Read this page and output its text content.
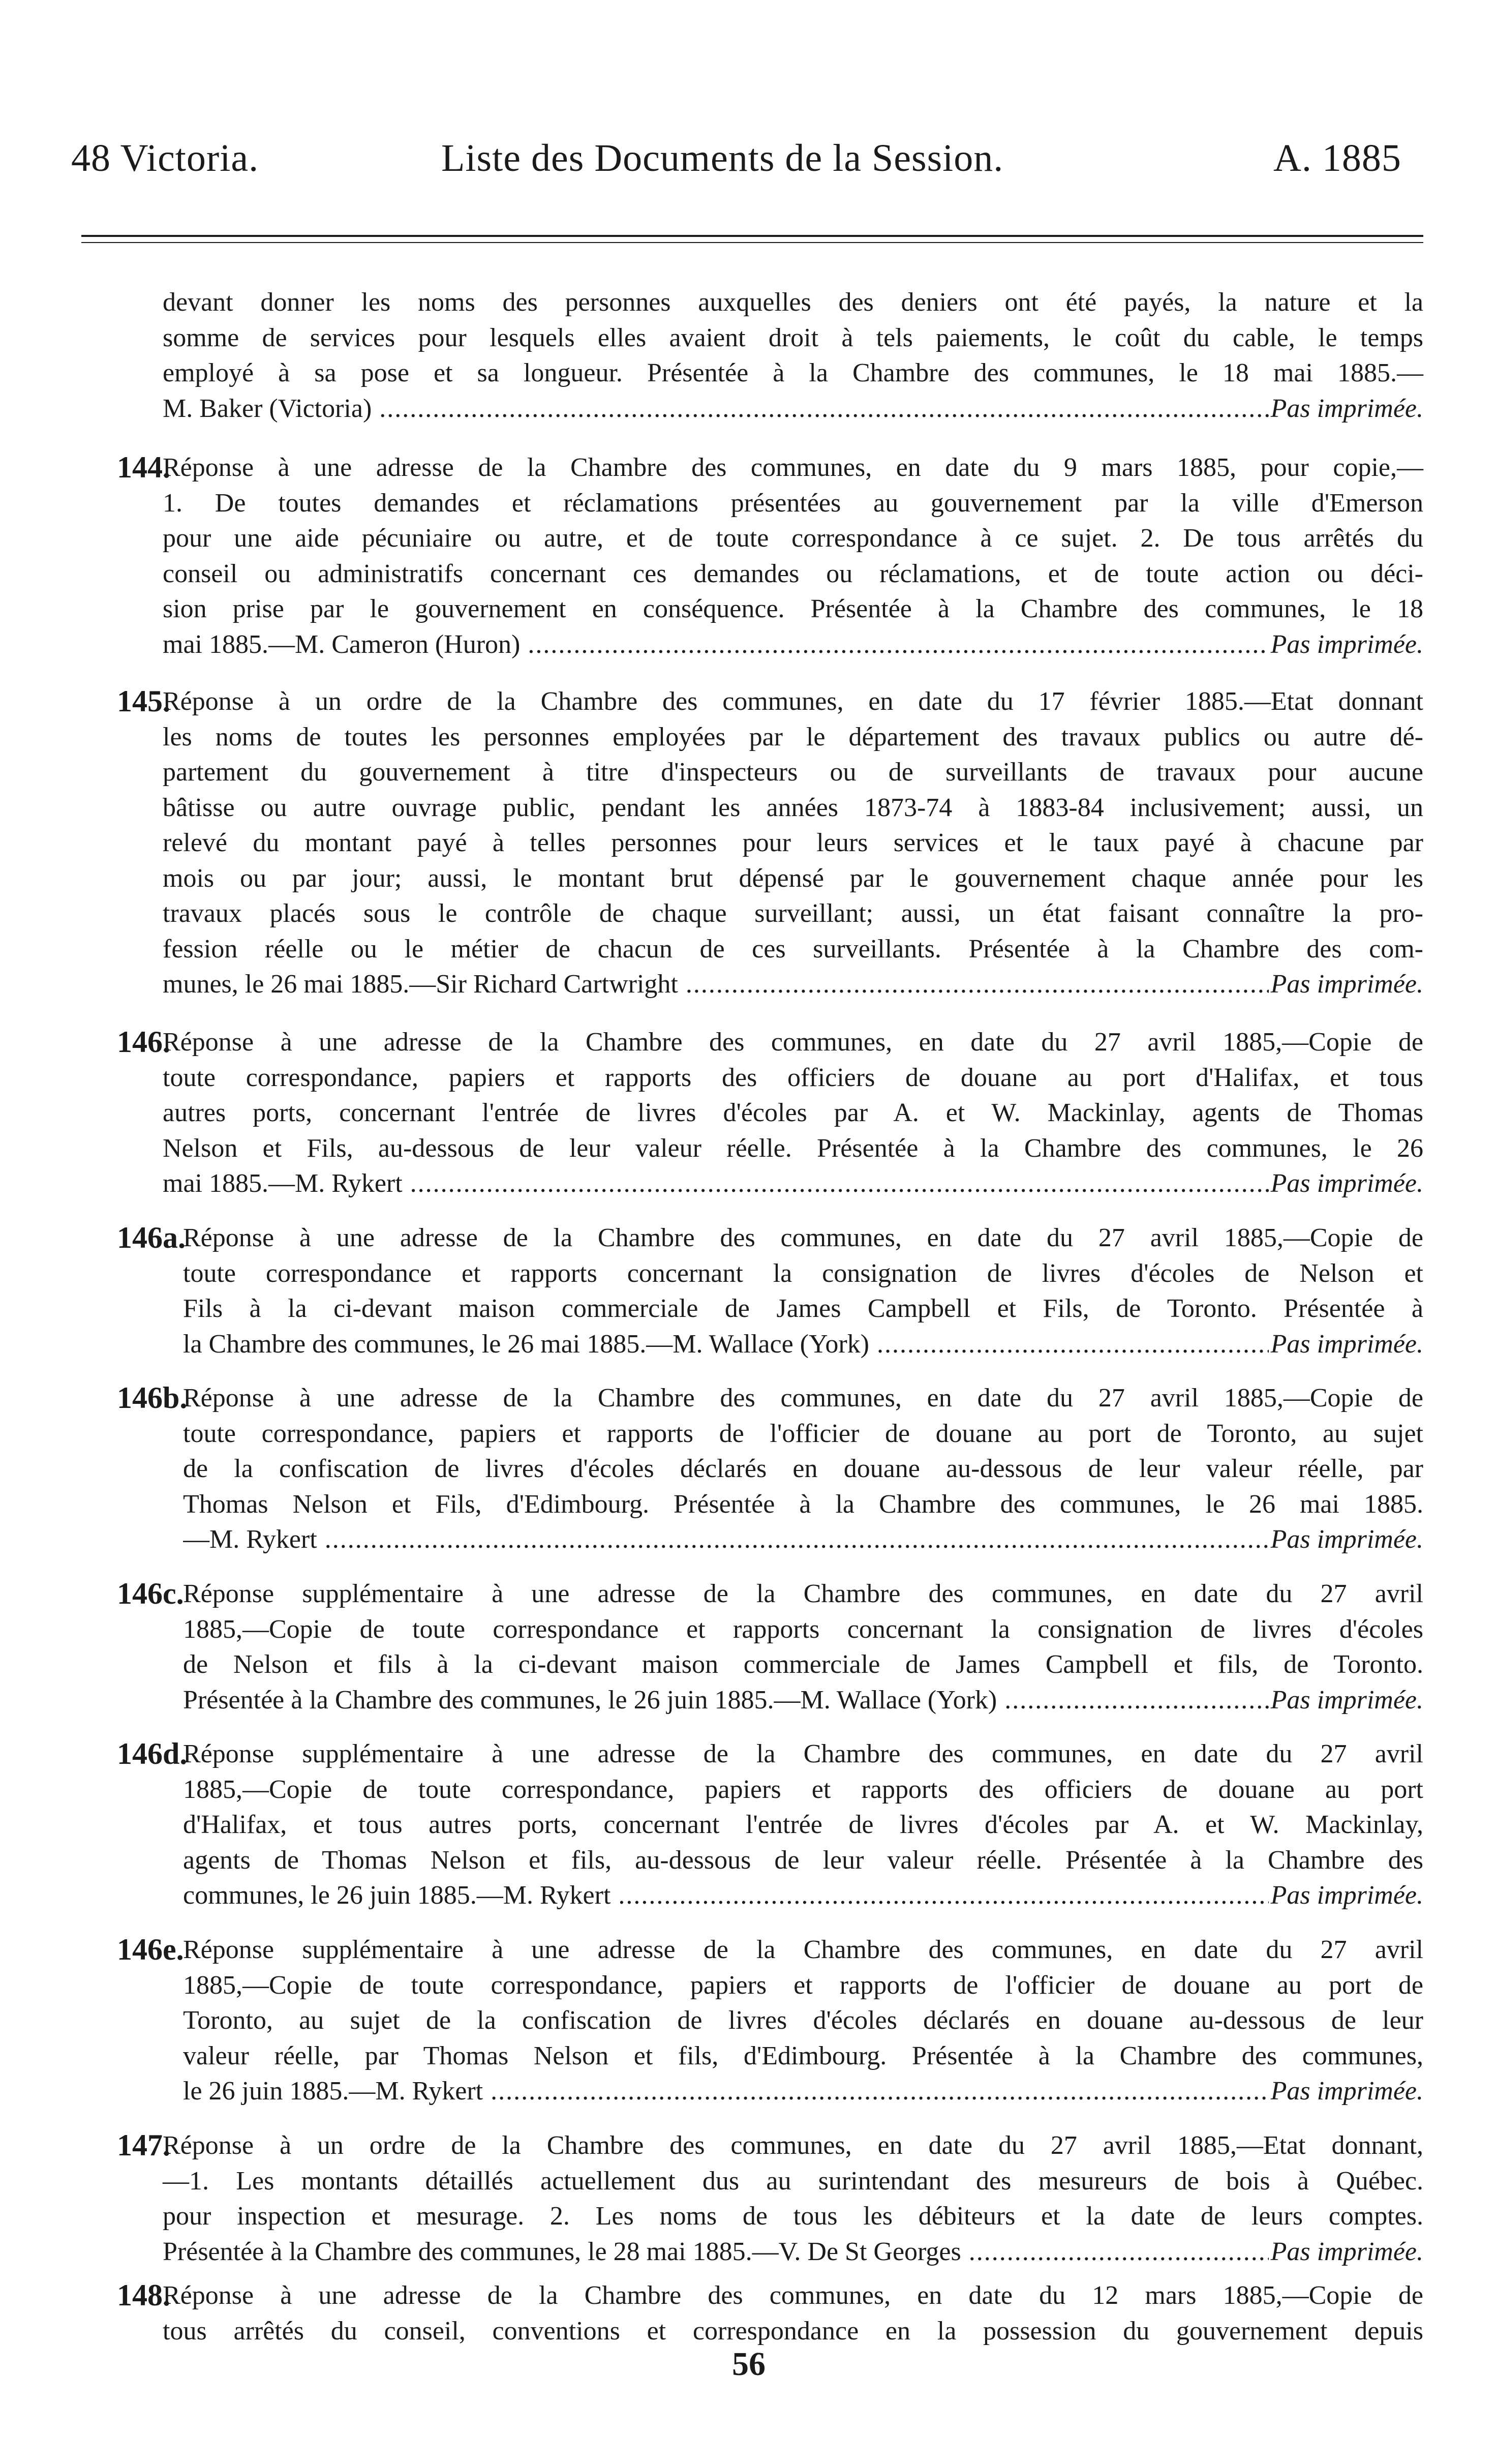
48 Victoria.	Liste des Documents de la Session.	A. 1885
devant donner les noms des personnes auxquelles des deniers ont été payés, la nature et la
somme de services pour lesquels elles avaient droit à tels paiements, le coût du cable, le temps
employé à sa pose et sa longueur. Présentée à la Chambre des communes, le 18 mai 1885.—
M. Baker (Victoria) .....	Pas imprimée.
144.
Réponse à une adresse de la Chambre des communes, en date du 9 mars 1885, pour copie,—
1. De toutes demandes et réclamations présentées au gouvernement par la ville d'Emerson
pour une aide pécuniaire ou autre, et de toute correspondance à ce sujet. 2. De tous arrêtés du
conseil ou administratifs concernant ces demandes ou réclamations, et de toute action ou déci-
sion prise par le gouvernement en conséquence. Présentée à la Chambre des communes, le 18
mai 1885.—M. Cameron (Huron) .....	Pas imprimée.
145.
Réponse à un ordre de la Chambre des communes, en date du 17 février 1885.—Etat donnant
les noms de toutes les personnes employées par le département des travaux publics ou autre dé-
partement du gouvernement à titre d'inspecteurs ou de surveillants de travaux pour aucune
bâtisse ou autre ouvrage public, pendant les années 1873-74 à 1883-84 inclusivement; aussi, un
relevé du montant payé à telles personnes pour leurs services et le taux payé à chacune par
mois ou par jour; aussi, le montant brut dépensé par le gouvernement chaque année pour les
travaux placés sous le contrôle de chaque surveillant; aussi, un état faisant connaître la pro-
fession réelle ou le métier de chacun de ces surveillants. Présentée à la Chambre des com-
munes, le 26 mai 1885.—Sir Richard Cartwright .....	Pas imprimée.
146.
Réponse à une adresse de la Chambre des communes, en date du 27 avril 1885,—Copie de
toute correspondance, papiers et rapports des officiers de douane au port d'Halifax, et tous
autres ports, concernant l'entrée de livres d'écoles par A. et W. Mackinlay, agents de Thomas
Nelson et Fils, au-dessous de leur valeur réelle. Présentée à la Chambre des communes, le 26
mai 1885.—M. Rykert .....	Pas imprimée.
146a.
Réponse à une adresse de la Chambre des communes, en date du 27 avril 1885,—Copie de
toute correspondance et rapports concernant la consignation de livres d'écoles de Nelson et
Fils à la ci-devant maison commerciale de James Campbell et Fils, de Toronto. Présentée à
la Chambre des communes, le 26 mai 1885.—M. Wallace (York) .....	Pas imprimée.
146b.
Réponse à une adresse de la Chambre des communes, en date du 27 avril 1885,—Copie de
toute correspondance, papiers et rapports de l'officier de douane au port de Toronto, au sujet
de la confiscation de livres d'écoles déclarés en douane au-dessous de leur valeur réelle, par
Thomas Nelson et Fils, d'Edimbourg. Présentée à la Chambre des communes, le 26 mai 1885.
—M. Rykert .....	Pas imprimée.
146c.
Réponse supplémentaire à une adresse de la Chambre des communes, en date du 27 avril
1885,—Copie de toute correspondance et rapports concernant la consignation de livres d'écoles
de Nelson et fils à la ci-devant maison commerciale de James Campbell et fils, de Toronto.
Présentée à la Chambre des communes, le 26 juin 1885.—M. Wallace (York) .....	Pas imprimée.
146d.
Réponse supplémentaire à une adresse de la Chambre des communes, en date du 27 avril
1885,—Copie de toute correspondance, papiers et rapports des officiers de douane au port
d'Halifax, et tous autres ports, concernant l'entrée de livres d'écoles par A. et W. Mackinlay,
agents de Thomas Nelson et fils, au-dessous de leur valeur réelle. Présentée à la Chambre des
communes, le 26 juin 1885.—M. Rykert .....	Pas imprimée.
146e.
Réponse supplémentaire à une adresse de la Chambre des communes, en date du 27 avril
1885,—Copie de toute correspondance, papiers et rapports de l'officier de douane au port de
Toronto, au sujet de la confiscation de livres d'écoles déclarés en douane au-dessous de leur
valeur réelle, par Thomas Nelson et fils, d'Edimbourg. Présentée à la Chambre des communes,
le 26 juin 1885.—M. Rykert .....	Pas imprimée.
147.
Réponse à un ordre de la Chambre des communes, en date du 27 avril 1885,—Etat donnant,
—1. Les montants détaillés actuellement dus au surintendant des mesureurs de bois à Québec.
pour inspection et mesurage. 2. Les noms de tous les débiteurs et la date de leurs comptes.
Présentée à la Chambre des communes, le 28 mai 1885.—V. De St Georges .....	Pas imprimée.
148.
Réponse à une adresse de la Chambre des communes, en date du 12 mars 1885,—Copie de
tous arrêtés du conseil, conventions et correspondance en la possession du gouvernement depuis
56
